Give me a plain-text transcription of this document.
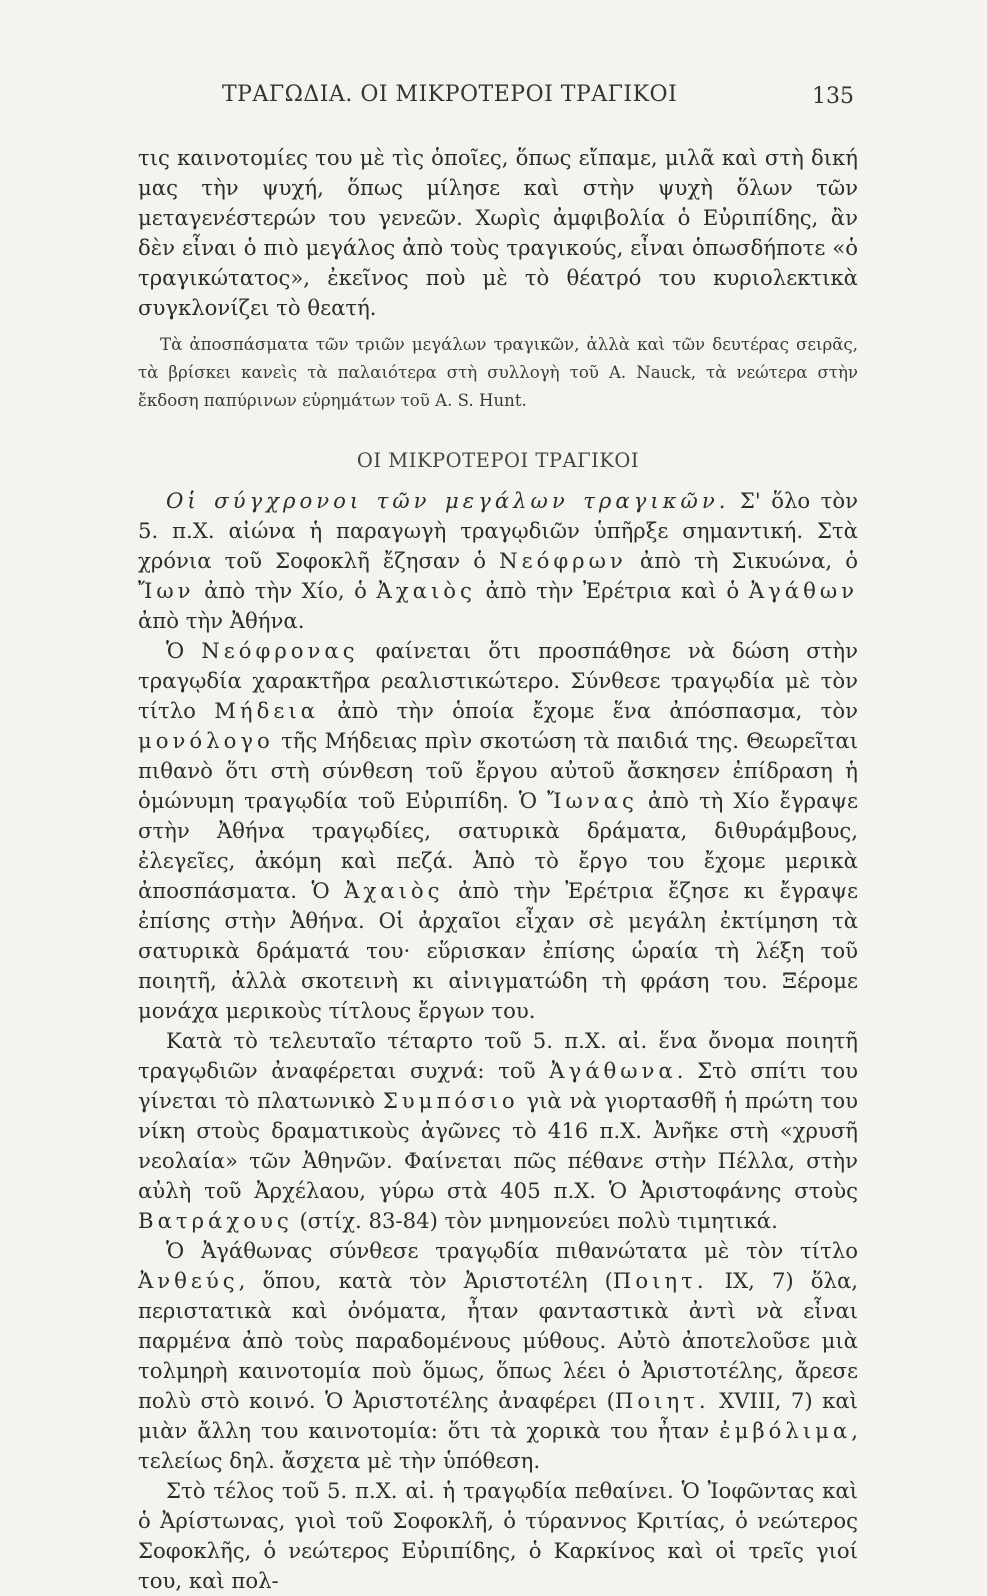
ΤΡΑΓΩΔΙΑ. ΟΙ ΜΙΚΡΟΤΕΡΟΙ ΤΡΑΓΙΚΟΙ	135

τις καινοτομίες του μὲ τὶς ὁποῖες, ὅπως εἴπαμε, μιλᾶ καὶ στὴ δική μας τὴν ψυχή, ὅπως μίλησε καὶ στὴν ψυχὴ ὅλων τῶν μεταγενέστερών του γενεῶν. Χωρὶς ἀμφιβολία ὁ Εὐριπίδης, ἂν δὲν εἶναι ὁ πιὸ μεγάλος ἀπὸ τοὺς τραγικούς, εἶναι ὁπωσδήποτε «ὁ τραγικώτατος», ἐκεῖνος ποὺ μὲ τὸ θέατρό του κυριολεκτικὰ συγκλονίζει τὸ θεατή.

Τὰ ἀποσπάσματα τῶν τριῶν μεγάλων τραγικῶν, ἀλλὰ καὶ τῶν δευτέρας σειρᾶς, τὰ βρίσκει κανεὶς τὰ παλαιότερα στὴ συλλογὴ τοῦ A. Nauck, τὰ νεώτερα στὴν ἔκδοση παπύρινων εὑρημάτων τοῦ A. S. Hunt.

ΟΙ ΜΙΚΡΟΤΕΡΟΙ ΤΡΑΓΙΚΟΙ

Οἱ σύγχρονοι τῶν μεγάλων τραγικῶν. Σ' ὅλο τὸν 5. π.Χ. αἰώνα ἡ παραγωγὴ τραγῳδιῶν ὑπῆρξε σημαντική. Στὰ χρόνια τοῦ Σοφοκλῆ ἔζησαν ὁ Νεόφρων ἀπὸ τὴ Σικυώνα, ὁ Ἴων ἀπὸ τὴν Χίο, ὁ Ἀχαιὸς ἀπὸ τὴν Ἐρέτρια καὶ ὁ Ἀγάθων ἀπὸ τὴν Ἀθήνα.

Ὁ Νεόφρονας φαίνεται ὅτι προσπάθησε νὰ δώση στὴν τραγῳδία χαρακτῆρα ρεαλιστικώτερο. Σύνθεσε τραγῳδία μὲ τὸν τίτλο Μήδεια ἀπὸ τὴν ὁποία ἔχομε ἕνα ἀπόσπασμα, τὸν μονόλογο τῆς Μήδειας πρὶν σκοτώση τὰ παιδιά της. Θεωρεῖται πιθανὸ ὅτι στὴ σύνθεση τοῦ ἔργου αὐτοῦ ἄσκησεν ἐπίδραση ἡ ὁμώνυμη τραγῳδία τοῦ Εὐριπίδη. Ὁ Ἴωνας ἀπὸ τὴ Χίο ἔγραψε στὴν Ἀθήνα τραγῳδίες, σατυρικὰ δράματα, διθυράμβους, ἐλεγεῖες, ἀκόμη καὶ πεζά. Ἀπὸ τὸ ἔργο του ἔχομε μερικὰ ἀποσπάσματα. Ὁ Ἀχαιὸς ἀπὸ τὴν Ἐρέτρια ἔζησε κι ἔγραψε ἐπίσης στὴν Ἀθήνα. Οἱ ἀρχαῖοι εἶχαν σὲ μεγάλη ἐκτίμηση τὰ σατυρικὰ δράματά του· εὕρισκαν ἐπίσης ὡραία τὴ λέξη τοῦ ποιητῆ, ἀλλὰ σκοτεινὴ κι αἰνιγματώδη τὴ φράση του. Ξέρομε μονάχα μερικοὺς τίτλους ἔργων του.

Κατὰ τὸ τελευταῖο τέταρτο τοῦ 5. π.Χ. αἰ. ἕνα ὄνομα ποιητῆ τραγῳδιῶν ἀναφέρεται συχνά: τοῦ Ἀγάθωνα. Στὸ σπίτι του γίνεται τὸ πλατωνικὸ Συμπόσιο γιὰ νὰ γιορτασθῆ ἡ πρώτη του νίκη στοὺς δραματικοὺς ἀγῶνες τὸ 416 π.Χ. Ἀνῆκε στὴ «χρυσῆ νεολαία» τῶν Ἀθηνῶν. Φαίνεται πῶς πέθανε στὴν Πέλλα, στὴν αὐλὴ τοῦ Ἀρχέλαου, γύρω στὰ 405 π.Χ. Ὁ Ἀριστοφάνης στοὺς Βατράχους (στίχ. 83-84) τὸν μνημονεύει πολὺ τιμητικά.

Ὁ Ἀγάθωνας σύνθεσε τραγῳδία πιθανώτατα μὲ τὸν τίτλο Ἀνθεύς, ὅπου, κατὰ τὸν Ἀριστοτέλη (Ποιητ. IX, 7) ὅλα, περιστατικὰ καὶ ὀνόματα, ἦταν φανταστικὰ ἀντὶ νὰ εἶναι παρμένα ἀπὸ τοὺς παραδομένους μύθους. Αὐτὸ ἀποτελοῦσε μιὰ τολμηρὴ καινοτομία ποὺ ὅμως, ὅπως λέει ὁ Ἀριστοτέλης, ἄρεσε πολὺ στὸ κοινό. Ὁ Ἀριστοτέλης ἀναφέρει (Ποιητ. XVIII, 7) καὶ μιὰν ἄλλη του καινοτομία: ὅτι τὰ χορικὰ του ἦταν ἐμβόλιμα, τελείως δηλ. ἄσχετα μὲ τὴν ὑπόθεση.

Στὸ τέλος τοῦ 5. π.Χ. αἰ. ἡ τραγῳδία πεθαίνει. Ὁ Ἰοφῶντας καὶ ὁ Ἀρίστωνας, γιοὶ τοῦ Σοφοκλῆ, ὁ τύραννος Κριτίας, ὁ νεώτερος Σοφοκλῆς, ὁ νεώτερος Εὐριπίδης, ὁ Καρκίνος καὶ οἱ τρεῖς γιοί του, καὶ πολ-
